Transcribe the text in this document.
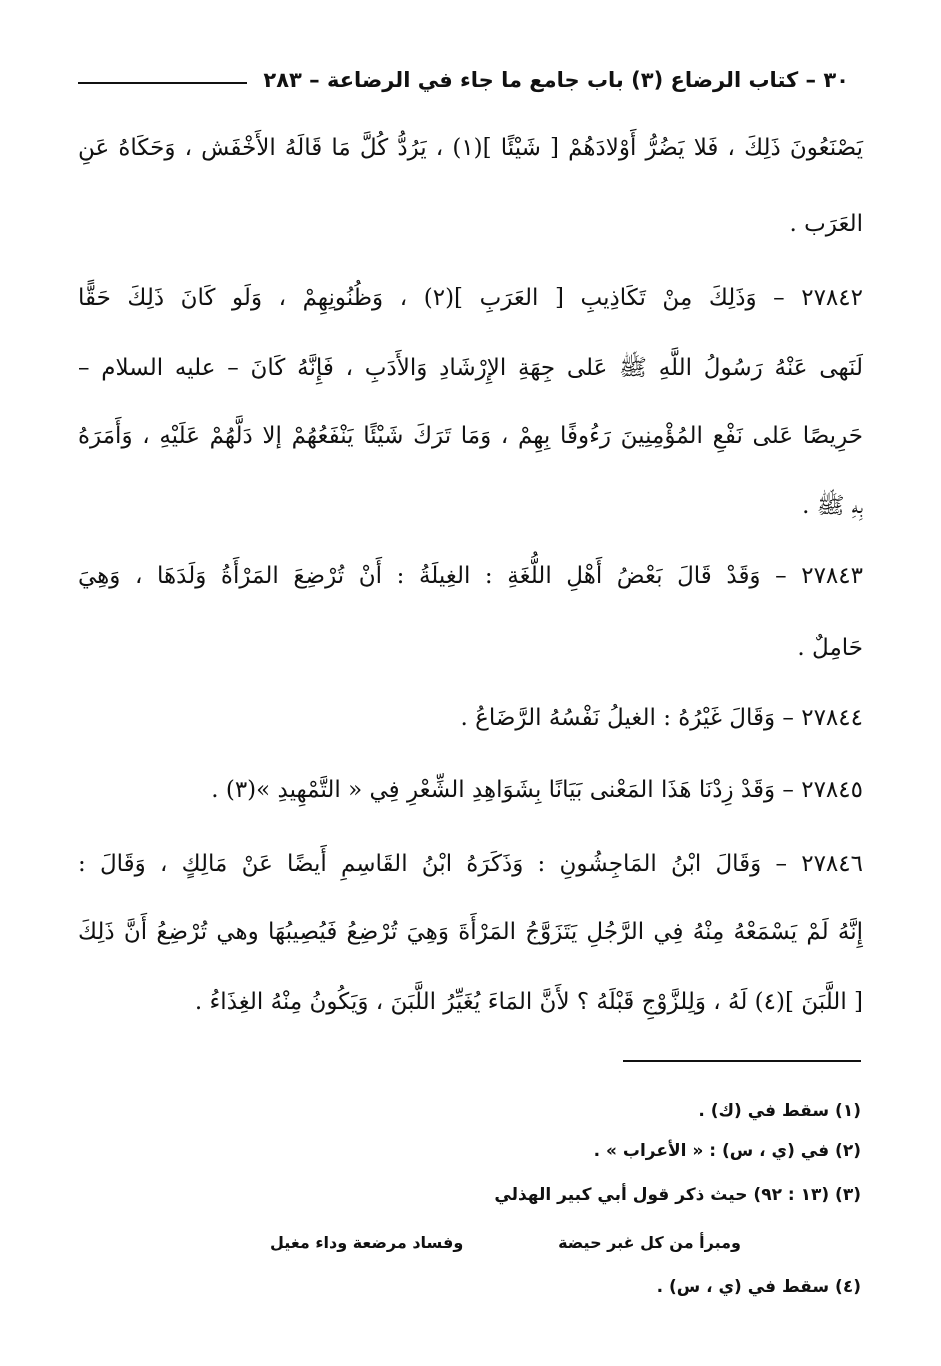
٣٠ – كتاب الرضاع (٣) باب جامع ما جاء في الرضاعة – ٢٨٣
يَصْنَعُونَ ذَلِكَ ، فَلا يَضُرُّ أَوْلادَهُمْ [ شَيْئًا ](١) ، يَرُدُّ كُلَّ مَا قَالَهُ الأَخْفَش ، وَحَكَاهُ عَنِ
العَرَب .
٢٧٨٤٢ – وَذَلِكَ مِنْ تَكَاذِيبِ [ العَرَبِ ](٢) ، وَظُنُونِهِمْ ، وَلَو كَانَ ذَلِكَ حَقًّا
لَنَهى عَنْهُ رَسُولُ اللَّهِ ﷺ عَلى جِهَةِ الإِرْشَادِ وَالأَدَبِ ، فَإِنَّهُ كَانَ – عليه السلام –
حَرِيصًا عَلى نَفْعِ المُؤْمِنِينَ رَءُوفًا بِهِمْ ، وَمَا تَرَكَ شَيْئًا يَنْفَعُهُمْ إلا دَلَّهُمْ عَلَيْهِ ، وَأَمَرَهُ
بِهِ ﷺ .
٢٧٨٤٣ – وَقَدْ قَالَ بَعْضُ أَهْلِ اللُّغَةِ : الغِيلَةُ : أَنْ تُرْضِعَ المَرْأَةُ وَلَدَهَا ، وَهِيَ
حَامِلٌ .
٢٧٨٤٤ – وَقَالَ غَيْرُهُ : الغيلُ نَفْسُهُ الرَّضَاعُ .
٢٧٨٤٥ – وَقَدْ زِدْنَا هَذَا المَعْنى بَيَانًا بِشَوَاهِدِ الشِّعْرِ فِي « التَّمْهِيدِ »(٣) .
٢٧٨٤٦ – وَقَالَ ابْنُ المَاجِشُونِ : وَذَكَرَهُ ابْنُ القَاسِمِ أَيضًا عَنْ مَالِكٍ ، وَقَالَ :
إِنَّهُ لَمْ يَسْمَعْهُ مِنْهُ فِي الرَّجُلِ يَتَزَوَّجُ المَرْأَةَ وَهِيَ تُرْضِعُ فَيُصِيبُهَا وهي تُرْضِعُ أَنَّ ذَلِكَ
[ اللَّبَنَ ](٤) لَهُ ، وَلِلزَّوْجِ قَبْلَهُ ؟ لأَنَّ المَاءَ يُغَيِّرُ اللَّبَنَ ، وَيَكُونُ مِنْهُ الغِذَاءُ .
(١) سقط في (ك) .
(٢) في (ي ، س) : « الأعراب » .
(٣) (١٣ : ٩٢) حيث ذكر قول أبي كبير الهذلي
ومبرأ من كل غبر حيضة
وفساد مرضعة وداء مغيل
(٤) سقط في (ي ، س) .
